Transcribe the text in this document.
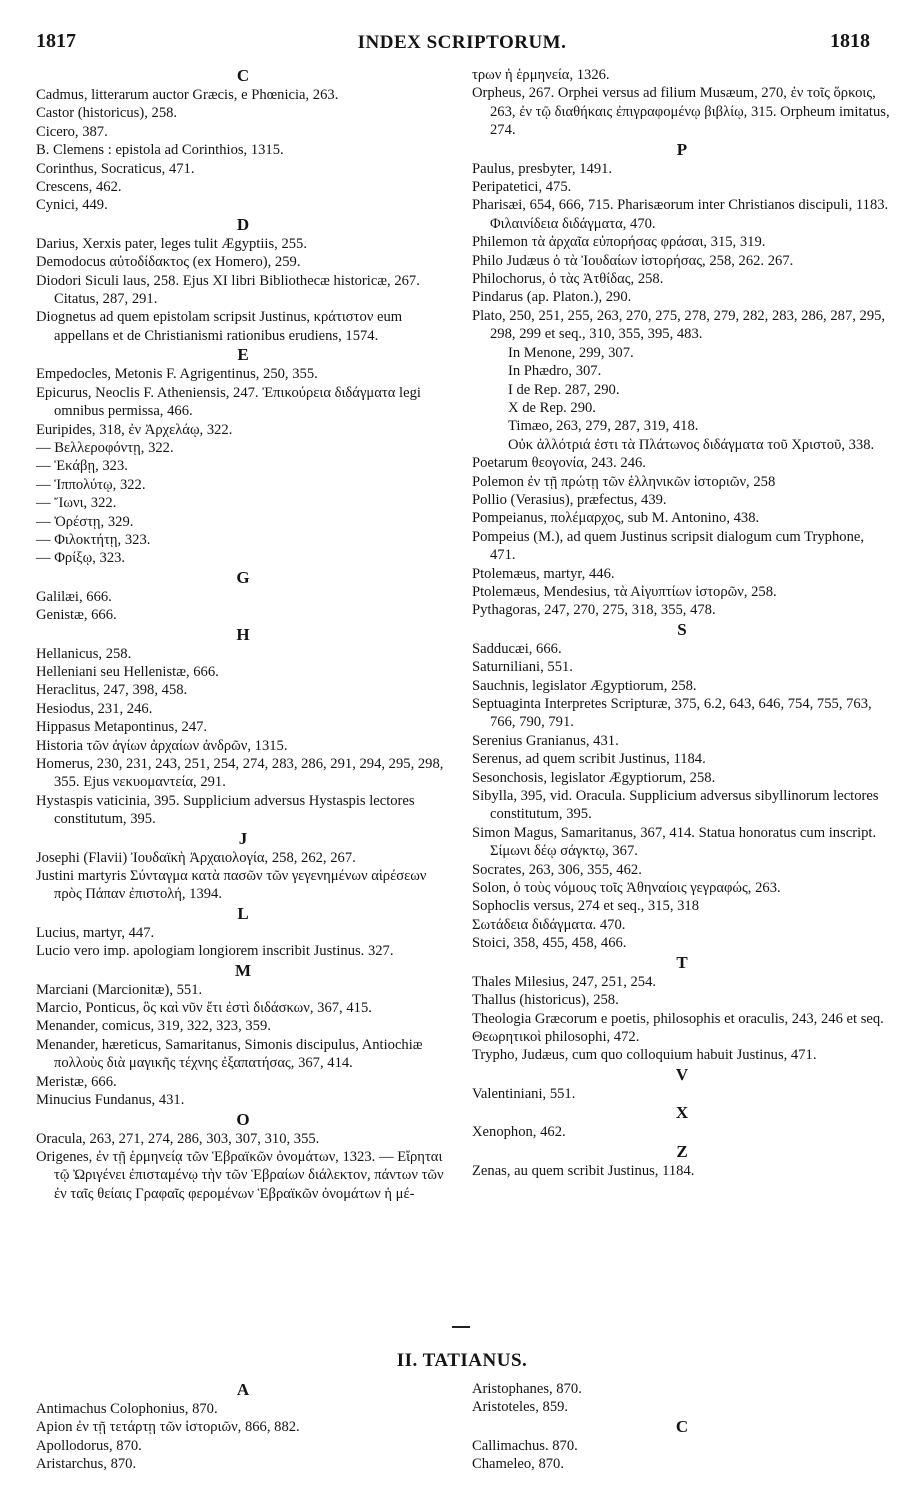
1817	INDEX SCRIPTORUM.	1818
C
Cadmus, litterarum auctor Græcis, e Phœnicia, 263.
Castor (historicus), 258.
Cicero, 387.
B. Clemens : epistola ad Corinthios, 1315.
Corinthus, Socraticus, 471.
Crescens, 462.
Cynici, 449.
D
Darius, Xerxis pater, leges tulit Ægyptiis, 255.
Demodocus αὐτοδίδακτος (ex Homero), 259.
Diodori Siculi laus, 258. Ejus XI libri Bibliothecæ historicæ, 267. Citatus, 287, 291.
Diognetus ad quem epistolam scripsit Justinus, κράτιστον eum appellans et de Christianismi rationibus erudiens, 1574.
E
Empedocles, Metonis F. Agrigentinus, 250, 355.
Epicurus, Neoclis F. Atheniensis, 247. Ἐπικούρεια διδάγματα legi omnibus permissa, 466.
Euripides, 318, ἐν Ἀρχελάῳ, 322.
— Βελλεροφόντῃ, 322.
— Ἑκάβῃ, 323.
— Ἱππολύτῳ, 322.
— Ἴωνι, 322.
— Ὀρέστῃ, 329.
— Φιλοκτήτῃ, 323.
— Φρίξῳ, 323.
G
Galilæi, 666.
Genistæ, 666.
H
Hellanicus, 258.
Helleniani seu Hellenistæ, 666.
Heraclitus, 247, 398, 458.
Hesiodus, 231, 246.
Hippasus Metapontinus, 247.
Historia τῶν ἁγίων ἀρχαίων ἀνδρῶν, 1315.
Homerus, 230, 231, 243, 251, 254, 274, 283, 286, 291, 294, 295, 298, 355. Ejus νεκυομαντεία, 291.
Hystaspis vaticinia, 395. Supplicium adversus Hystaspis lectores constitutum, 395.
J
Josephi (Flavii) Ἰουδαϊκὴ Ἀρχαιολογία, 258, 262, 267.
Justini martyris Σύνταγμα κατὰ πασῶν τῶν γεγενημένων αἱρέσεων πρὸς Πάπαν ἐπιστολή, 1394.
L
Lucius, martyr, 447.
Lucio vero imp. apologiam longiorem inscribit Justinus. 327.
M
Marciani (Marcionitæ), 551.
Marcio, Ponticus, ὃς καὶ νῦν ἔτι ἐστὶ διδάσκων, 367, 415.
Menander, comicus, 319, 322, 323, 359.
Menander, hæreticus, Samaritanus, Simonis discipulus, Antiochiæ πολλοὺς διὰ μαγικῆς τέχνης ἐξαπατήσας, 367, 414.
Meristæ, 666.
Minucius Fundanus, 431.
O
Oracula, 263, 271, 274, 286, 303, 307, 310, 355.
Origenes, ἐν τῇ ἑρμηνείᾳ τῶν Ἑβραϊκῶν ὀνομάτων, 1323. — Εἴρηται τῷ Ὠριγένει ἐπισταμένῳ τὴν τῶν Ἑβραίων διάλεκτον, πάντων τῶν ἐν ταῖς θείαις Γραφαῖς φερομένων Ἑβραϊκῶν ὀνομάτων ἡ μέ-
τρων ἡ ἑρμηνεία, 1326.
Orpheus, 267. Orphei versus ad filium Musæum, 270, ἐν τοῖς ὅρκοις, 263, ἐν τῷ διαθήκαις ἐπιγραφομένῳ βιβλίῳ, 315. Orpheum imitatus, 274.
P
Paulus, presbyter, 1491.
Peripatetici, 475.
Pharisæi, 654, 666, 715. Pharisæorum inter Christianos discipuli, 1183. Φιλαινίδεια διδάγματα, 470.
Philemon τὰ ἀρχαῖα εὐπορήσας φράσαι, 315, 319.
Philo Judæus ὁ τὰ Ἰουδαίων ἱστορήσας, 258, 262. 267.
Philochorus, ὁ τὰς Ἀτθίδας, 258.
Pindarus (ap. Platon.), 290.
Plato, 250, 251, 255, 263, 270, 275, 278, 279, 282, 283, 286, 287, 295, 298, 299 et seq., 310, 355, 395, 483.
In Menone, 299, 307.
In Phædro, 307.
I de Rep. 287, 290.
X de Rep. 290.
Timæo, 263, 279, 287, 319, 418.
Οὐκ ἀλλότριά ἐστι τὰ Πλάτωνος διδάγματα τοῦ Χριστοῦ, 338.
Poetarum θεογονία, 243. 246.
Polemon ἐν τῇ πρώτῃ τῶν ἑλληνικῶν ἱστοριῶν, 258
Pollio (Verasius), præfectus, 439.
Pompeianus, πολέμαρχος, sub M. Antonino, 438.
Pompeius (M.), ad quem Justinus scripsit dialogum cum Tryphone, 471.
Ptolemæus, martyr, 446.
Ptolemæus, Mendesius, τὰ Αἰγυπτίων ἱστορῶν, 258.
Pythagoras, 247, 270, 275, 318, 355, 478.
S
Sadducæi, 666.
Saturniliani, 551.
Sauchnis, legislator Ægyptiorum, 258.
Septuaginta Interpretes Scripturæ, 375, 6.2, 643, 646, 754, 755, 763, 766, 790, 791.
Serenius Granianus, 431.
Serenus, ad quem scribit Justinus, 1184.
Sesonchosis, legislator Ægyptiorum, 258.
Sibylla, 395, vid. Oracula. Supplicium adversus sibyllinorum lectores constitutum, 395.
Simon Magus, Samaritanus, 367, 414. Statua honoratus cum inscript. Σίμωνι δέῳ σάγκτῳ, 367.
Socrates, 263, 306, 355, 462.
Solon, ὁ τοὺς νόμους τοῖς Ἀθηναίοις γεγραφώς, 263.
Sophoclis versus, 274 et seq., 315, 318
Σωτάδεια διδάγματα. 470.
Stoici, 358, 455, 458, 466.
T
Thales Milesius, 247, 251, 254.
Thallus (historicus), 258.
Theologia Græcorum e poetis, philosophis et oraculis, 243, 246 et seq.
Θεωρητικοὶ philosophi, 472.
Trypho, Judæus, cum quo colloquium habuit Justinus, 471.
V
Valentiniani, 551.
X
Xenophon, 462.
Z
Zenas, au quem scribit Justinus, 1184.
II. TATIANUS.
A
Antimachus Colophonius, 870.
Apion ἐν τῇ τετάρτῃ τῶν ἱστοριῶν, 866, 882.
Apollodorus, 870.
Aristarchus, 870.
Aristophanes, 870.
Aristoteles, 859.
C
Callimachus. 870.
Chameleo, 870.
